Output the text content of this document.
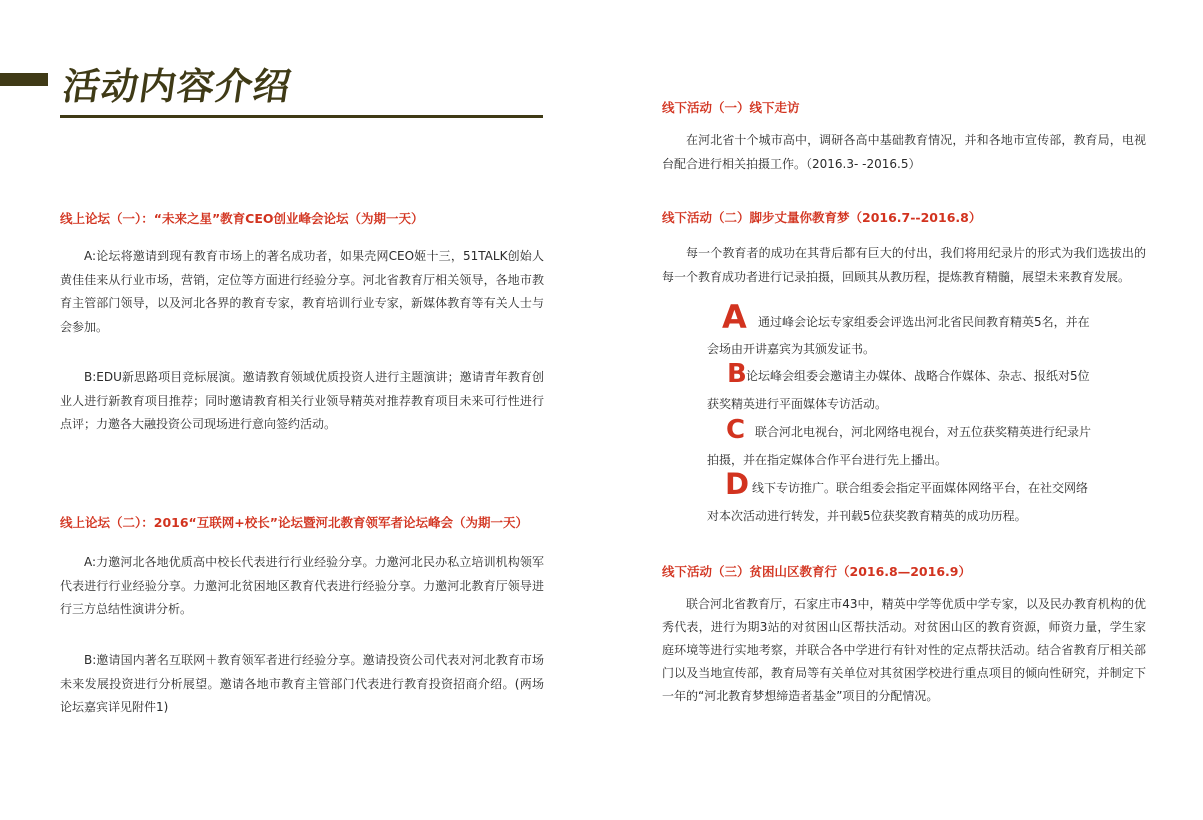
活动内容介绍
线上论坛（一）：“未来之星”教育CEO创业峰会论坛（为期一天）

A:论坛将邀请到现有教育市场上的著名成功者，如果壳网CEO姬十三，51TALK创始人黄佳佳来从行业市场，营销，定位等方面进行经验分享。河北省教育厅相关领导，各地市教育主管部门领导，以及河北各界的教育专家，教育培训行业专家，新媒体教育等有关人士与会参加。

B:EDU新思路项目竞标展演。邀请教育领域优质投资人进行主题演讲；邀请青年教育创业人进行新教育项目推荐；同时邀请教育相关行业领导精英对推荐教育项目未来可行性进行点评；力邀各大融投资公司现场进行意向签约活动。

线上论坛（二）：2016“互联网+校长”论坛暨河北教育领军者论坛峰会（为期一天）

A:力邀河北各地优质高中校长代表进行行业经验分享。力邀河北民办私立培训机构领军代表进行行业经验分享。力邀河北贫困地区教育代表进行经验分享。力邀河北教育厅领导进行三方总结性演讲分析。

B:邀请国内著名互联网＋教育领军者进行经验分享。邀请投资公司代表对河北教育市场未来发展投资进行分析展望。邀请各地市教育主管部门代表进行教育投资招商介绍。(两场论坛嘉宾详见附件1)

线下活动（一）线下走访

在河北省十个城市高中，调研各高中基础教育情况，并和各地市宣传部，教育局，电视台配合进行相关拍摄工作。（2016.3- -2016.5）

线下活动（二）脚步丈量你教育梦（2016.7--2016.8）

每一个教育者的成功在其背后都有巨大的付出，我们将用纪录片的形式为我们选拔出的每一个教育成功者进行记录拍摄，回顾其从教历程，提炼教育精髓，展望未来教育发展。

A 通过峰会论坛专家组委会评选出河北省民间教育精英5名，并在
会场由开讲嘉宾为其颁发证书。
B 论坛峰会组委会邀请主办媒体、战略合作媒体、杂志、报纸对5位
获奖精英进行平面媒体专访活动。
C 联合河北电视台，河北网络电视台，对五位获奖精英进行纪录片
拍摄，并在指定媒体合作平台进行先上播出。
D 线下专访推广。联合组委会指定平面媒体网络平台，在社交网络
对本次活动进行转发，并刊载5位获奖教育精英的成功历程。
线下活动（三）贫困山区教育行（2016.8—2016.9）

联合河北省教育厅，石家庄市43中，精英中学等优质中学专家，以及民办教育机构的优秀代表，进行为期3站的对贫困山区帮扶活动。对贫困山区的教育资源，师资力量，学生家庭环境等进行实地考察，并联合各中学进行有针对性的定点帮扶活动。结合省教育厅相关部门以及当地宣传部，教育局等有关单位对其贫困学校进行重点项目的倾向性研究，并制定下一年的“河北教育梦想缔造者基金”项目的分配情况。
